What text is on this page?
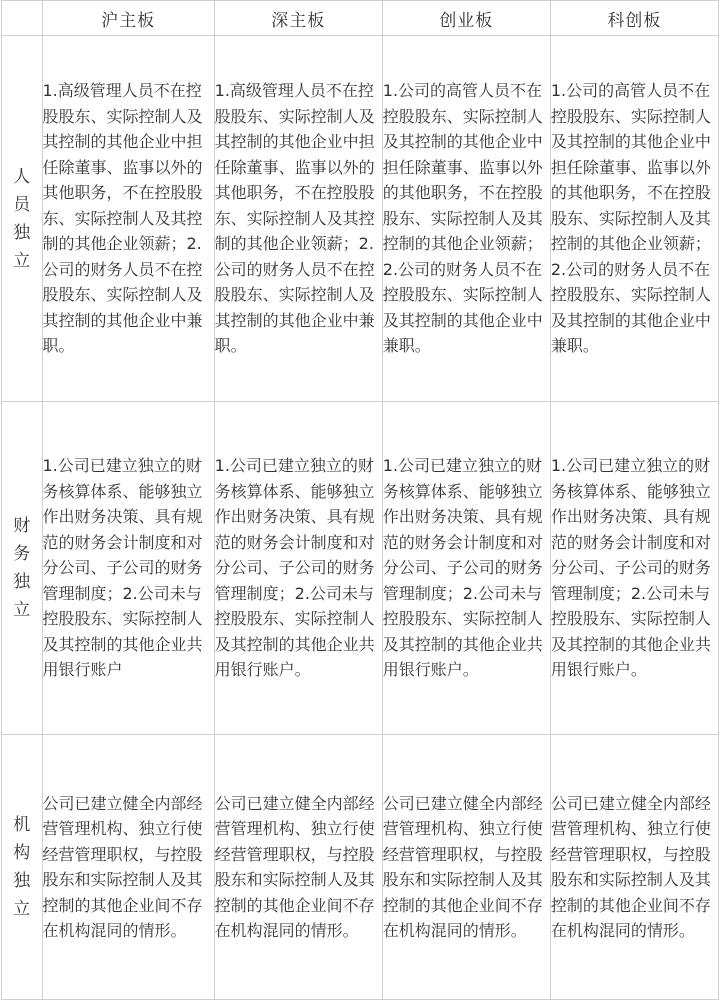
	沪主板	深主板	创业板	科创板
人员独立	1.高级管理人员不在控股股东、实际控制人及其控制的其他企业中担任除董事、监事以外的其他职务，不在控股股东、实际控制人及其控制的其他企业领薪；2.公司的财务人员不在控股股东、实际控制人及其控制的其他企业中兼职。	1.高级管理人员不在控股股东、实际控制人及其控制的其他企业中担任除董事、监事以外的其他职务，不在控股股东、实际控制人及其控制的其他企业领薪；2.公司的财务人员不在控股股东、实际控制人及其控制的其他企业中兼职。	1.公司的高管人员不在控股股东、实际控制人及其控制的其他企业中担任除董事、监事以外的其他职务，不在控股股东、实际控制人及其控制的其他企业领薪；2.公司的财务人员不在控股股东、实际控制人及其控制的其他企业中兼职。	1.公司的高管人员不在控股股东、实际控制人及其控制的其他企业中担任除董事、监事以外的其他职务，不在控股股东、实际控制人及其控制的其他企业领薪；2.公司的财务人员不在控股股东、实际控制人及其控制的其他企业中兼职。
财务独立	1.公司已建立独立的财务核算体系、能够独立作出财务决策、具有规范的财务会计制度和对分公司、子公司的财务管理制度；2.公司未与控股股东、实际控制人及其控制的其他企业共用银行账户	1.公司已建立独立的财务核算体系、能够独立作出财务决策、具有规范的财务会计制度和对分公司、子公司的财务管理制度；2.公司未与控股股东、实际控制人及其控制的其他企业共用银行账户。	1.公司已建立独立的财务核算体系、能够独立作出财务决策、具有规范的财务会计制度和对分公司、子公司的财务管理制度；2.公司未与控股股东、实际控制人及其控制的其他企业共用银行账户。	1.公司已建立独立的财务核算体系、能够独立作出财务决策、具有规范的财务会计制度和对分公司、子公司的财务管理制度；2.公司未与控股股东、实际控制人及其控制的其他企业共用银行账户。
机构独立	公司已建立健全内部经营管理机构、独立行使经营管理职权，与控股股东和实际控制人及其控制的其他企业间不存在机构混同的情形。	公司已建立健全内部经营管理机构、独立行使经营管理职权，与控股股东和实际控制人及其控制的其他企业间不存在机构混同的情形。	公司已建立健全内部经营管理机构、独立行使经营管理职权，与控股股东和实际控制人及其控制的其他企业间不存在机构混同的情形。	公司已建立健全内部经营管理机构、独立行使经营管理职权，与控股股东和实际控制人及其控制的其他企业间不存在机构混同的情形。
